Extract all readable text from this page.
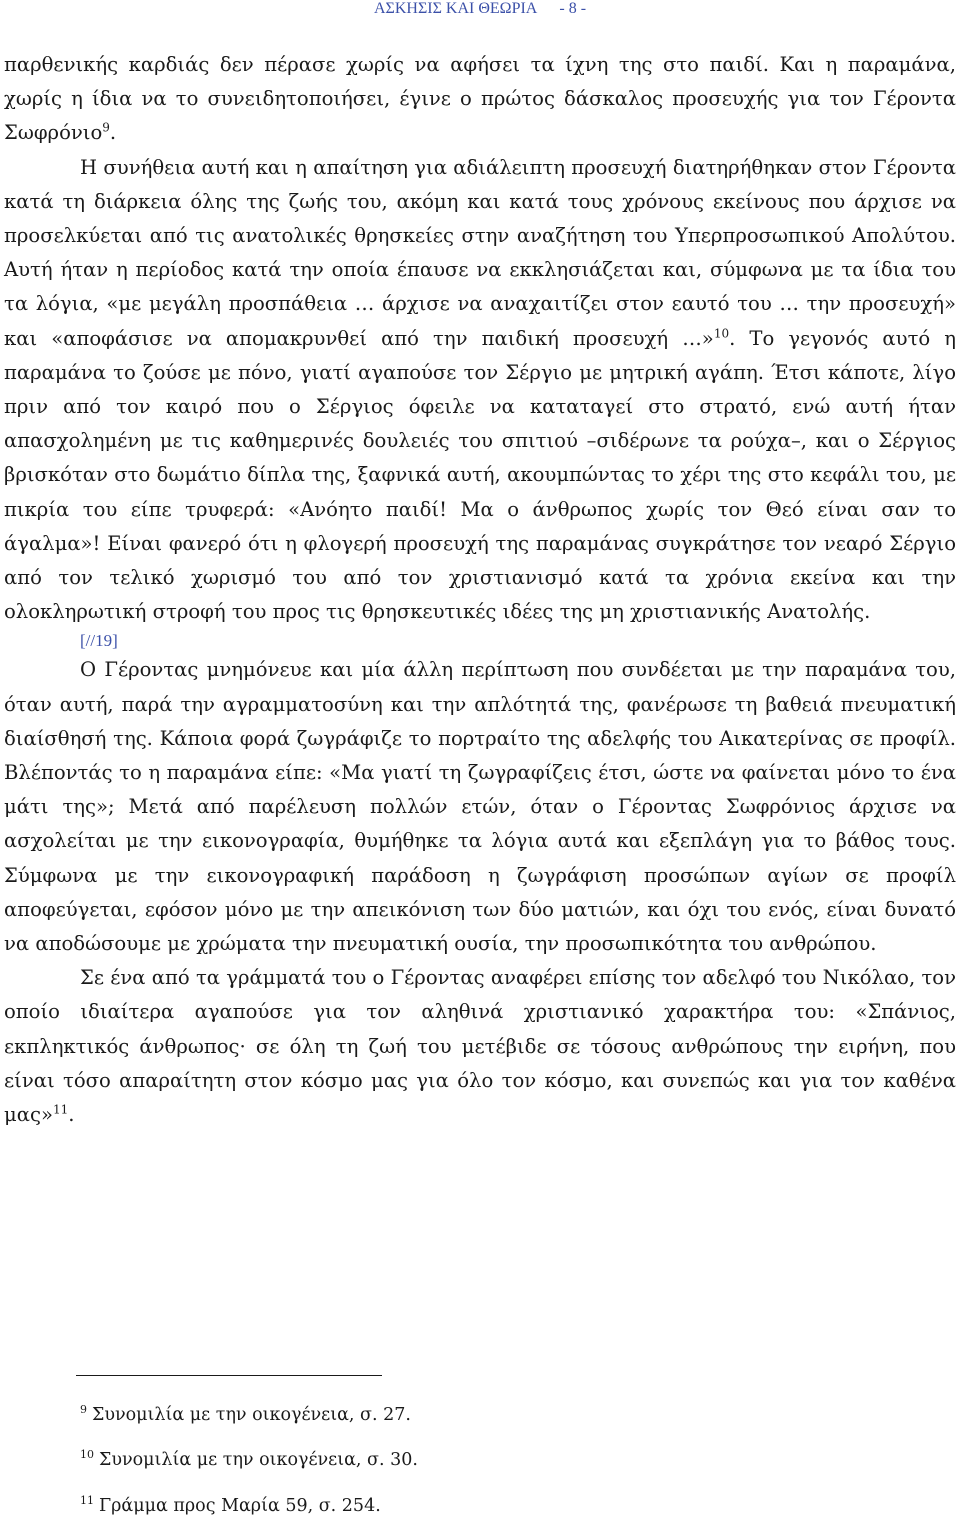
ΑΣΚΗΣΙΣ ΚΑΙ ΘΕΩΡΙΑ - 8 -

παρθενικής καρδιάς δεν πέρασε χωρίς να αφήσει τα ίχνη της στο παιδί. Και η παραμάνα, χωρίς η ίδια να το συνειδητοποιήσει, έγινε ο πρώτος δάσκαλος προσευχής για τον Γέροντα Σωφρόνιο$^9$.

Η συνήθεια αυτή και η απαίτηση για αδιάλειπτη προσευχή διατηρήθηκαν στον Γέροντα κατά τη διάρκεια όλης της ζωής του, ακόμη και κατά τους χρόνους εκείνους που άρχισε να προσελκύεται από τις ανατολικές θρησκείες στην αναζήτηση του Υπερπροσωπικού Απολύτου. Αυτή ήταν η περίοδος κατά την οποία έπαυσε να εκκλησιάζεται και, σύμφωνα με τα ίδια του τα λόγια, «με μεγάλη προσπάθεια … άρχισε να αναχαιτίζει στον εαυτό του … την προσευχή» και «αποφάσισε να απομακρυνθεί από την παιδική προσευχή …»$^{10}$. Το γεγονός αυτό η παραμάνα το ζούσε με πόνο, γιατί αγαπούσε τον Σέργιο με μητρική αγάπη. Έτσι κάποτε, λίγο πριν από τον καιρό που ο Σέργιος όφειλε να καταταγεί στο στρατό, ενώ αυτή ήταν απασχολημένη με τις καθημερινές δουλειές του σπιτιού –σιδέρωνε τα ρούχα–, και ο Σέργιος βρισκόταν στο δωμάτιο δίπλα της, ξαφνικά αυτή, ακουμπώντας το χέρι της στο κεφάλι του, με πικρία του είπε τρυφερά: «Ανόητο παιδί! Μα ο άνθρωπος χωρίς τον Θεό είναι σαν το άγαλμα»! Είναι φανερό ότι η φλογερή προσευχή της παραμάνας συγκράτησε τον νεαρό Σέργιο από τον τελικό χωρισμό του από τον χριστιανισμό κατά τα χρόνια εκείνα και την ολοκληρωτική στροφή του προς τις θρησκευτικές ιδέες της μη χριστιανικής Ανατολής.

[//19]

Ο Γέροντας μνημόνευε και μία άλλη περίπτωση που συνδέεται με την παραμάνα του, όταν αυτή, παρά την αγραμματοσύνη και την απλότητά της, φανέρωσε τη βαθειά πνευματική διαίσθησή της. Κάποια φορά ζωγράφιζε το πορτραίτο της αδελφής του Αικατερίνας σε προφίλ. Βλέποντάς το η παραμάνα είπε: «Μα γιατί τη ζωγραφίζεις έτσι, ώστε να φαίνεται μόνο το ένα μάτι της»; Μετά από παρέλευση πολλών ετών, όταν ο Γέροντας Σωφρόνιος άρχισε να ασχολείται με την εικονογραφία, θυμήθηκε τα λόγια αυτά και εξεπλάγη για το βάθος τους. Σύμφωνα με την εικονογραφική παράδοση η ζωγράφιση προσώπων αγίων σε προφίλ αποφεύγεται, εφόσον μόνο με την απεικόνιση των δύο ματιών, και όχι του ενός, είναι δυνατό να αποδώσουμε με χρώματα την πνευματική ουσία, την προσωπικότητα του ανθρώπου.

Σε ένα από τα γράμματά του ο Γέροντας αναφέρει επίσης τον αδελφό του Νικόλαο, τον οποίο ιδιαίτερα αγαπούσε για τον αληθινά χριστιανικό χαρακτήρα του: «Σπάνιος, εκπληκτικός άνθρωπος· σε όλη τη ζωή του μετέβιδε σε τόσους ανθρώπους την ειρήνη, που είναι τόσο απαραίτητη στον κόσμο μας για όλο τον κόσμο, και συνεπώς και για τον καθένα μας»$^{11}$.

$^9$ Συνομιλία με την οικογένεια, σ. 27.
$^{10}$ Συνομιλία με την οικογένεια, σ. 30.
$^{11}$ Γράμμα προς Μαρία 59, σ. 254.
